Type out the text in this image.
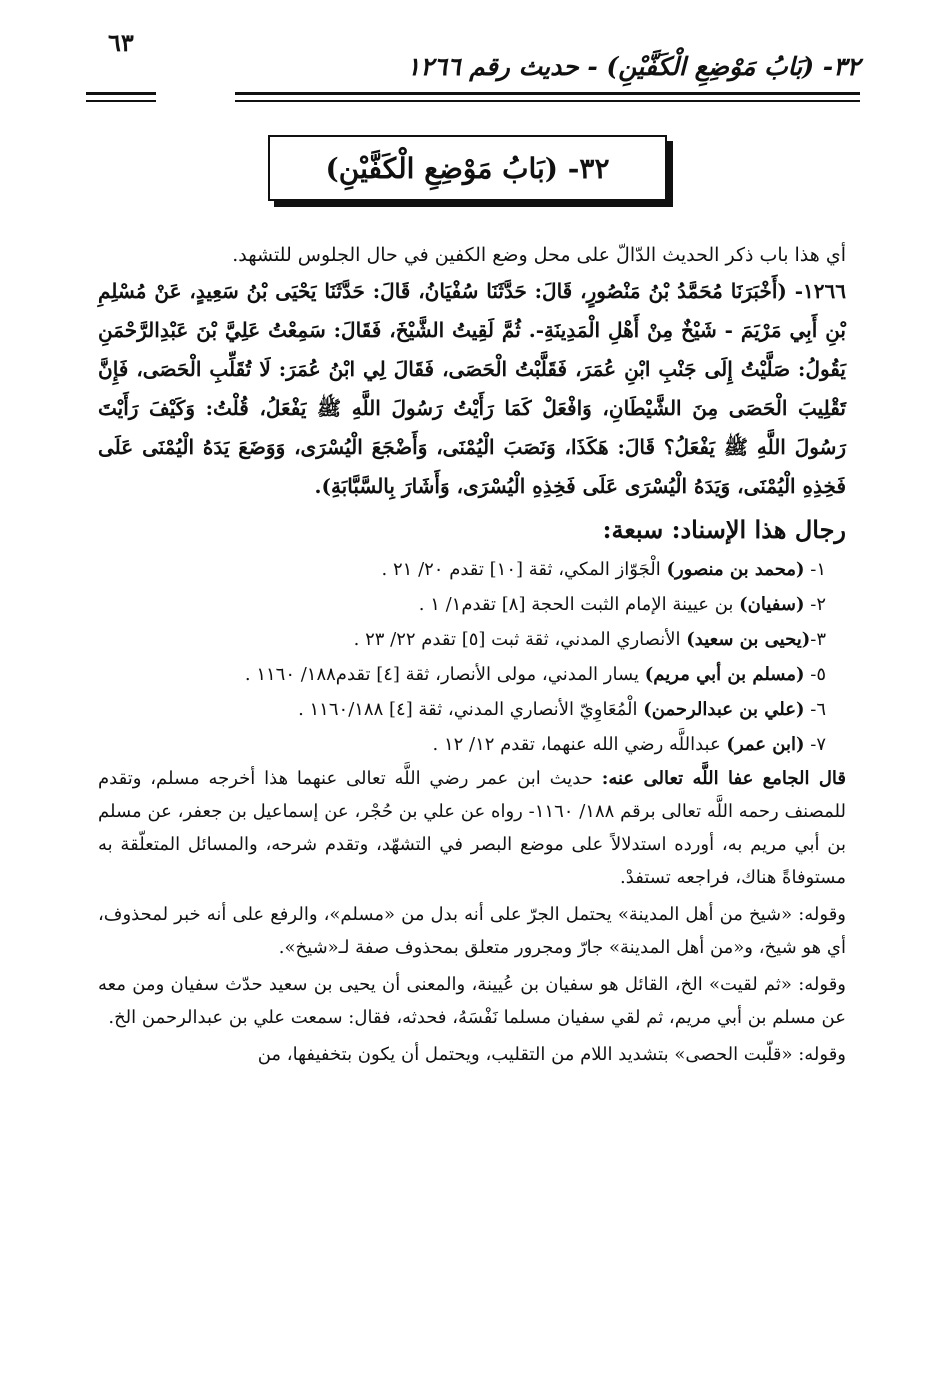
٣٢- (بَابُ مَوْضِعِ الْكَفَّيْنِ) - حديث رقم ١٢٦٦
٦٣
٣٢- (بَابُ مَوْضِعِ الْكَفَّيْنِ)

أي هذا باب ذكر الحديث الدّالّ على محل وضع الكفين في حال الجلوس للتشهد.

١٢٦٦- (أَخْبَرَنَا مُحَمَّدُ بْنُ مَنْصُورٍ، قَالَ: حَدَّثَنَا سُفْيَانُ، قَالَ: حَدَّثَنَا يَحْيَى بْنُ سَعِيدٍ، عَنْ مُسْلِمِ بْنِ أَبِي مَرْيَمَ - شَيْخٌ مِنْ أَهْلِ الْمَدِينَةِ-. ثُمَّ لَقِيتُ الشَّيْخَ، فَقَالَ: سَمِعْتُ عَلِيَّ بْنَ عَبْدِالرَّحْمَنِ يَقُولُ: صَلَّيْتُ إِلَى جَنْبِ ابْنِ عُمَرَ، فَقَلَّبْتُ الْحَصَى، فَقَالَ لِي ابْنُ عُمَرَ: لَا تُقَلِّبِ الْحَصَى، فَإِنَّ تَقْلِيبَ الْحَصَى مِنَ الشَّيْطَانِ، وَافْعَلْ كَمَا رَأَيْتُ رَسُولَ اللَّهِ ﷺ يَفْعَلُ، قُلْتُ: وَكَيْفَ رَأَيْتَ رَسُولَ اللَّهِ ﷺ يَفْعَلُ؟ قَالَ: هَكَذَا، وَنَصَبَ الْيُمْنَى، وَأَضْجَعَ الْيُسْرَى، وَوَضَعَ يَدَهُ الْيُمْنَى عَلَى فَخِذِهِ الْيُمْنَى، وَيَدَهُ الْيُسْرَى عَلَى فَخِذِهِ الْيُسْرَى، وَأَشَارَ بِالسَّبَّابَةِ).

رجال هذا الإسناد: سبعة:
١- (محمد بن منصور) الْجَوّاز المكي، ثقة [١٠] تقدم ٢٠/ ٢١ .
٢- (سفيان) بن عيينة الإمام الثبت الحجة [٨] تقدم١/ ١ .
٣-(يحيى بن سعيد) الأنصاري المدني، ثقة ثبت [٥] تقدم ٢٢/ ٢٣ .
٥- (مسلم بن أبي مريم) يسار المدني، مولى الأنصار، ثقة [٤] تقدم١٨٨/ ١١٦٠ .
٦- (علي بن عبدالرحمن) الْمُعَاوِيّ الأنصاري المدني، ثقة [٤] ١١٦٠/١٨٨ .
٧- (ابن عمر) عبداللَّه رضي الله عنهما، تقدم ١٢/ ١٢ .

قال الجامع عفا اللَّه تعالى عنه: حديث ابن عمر رضي اللَّه تعالى عنهما هذا أخرجه مسلم، وتقدم للمصنف رحمه اللَّه تعالى برقم ١٨٨/ ١١٦٠- رواه عن علي بن حُجْر، عن إسماعيل بن جعفر، عن مسلم بن أبي مريم به، أورده استدلالاً على موضع البصر في التشهّد، وتقدم شرحه، والمسائل المتعلّقة به مستوفاةً هناك، فراجعه تستفدْ.

وقوله: «شيخ من أهل المدينة» يحتمل الجرّ على أنه بدل من «مسلم»، والرفع على أنه خبر لمحذوف، أي هو شيخ، و«من أهل المدينة» جارّ ومجرور متعلق بمحذوف صفة لـ«شيخ».

وقوله: «ثم لقيت» الخ، القائل هو سفيان بن عُيينة، والمعنى أن يحيى بن سعيد حدّث سفيان ومن معه عن مسلم بن أبي مريم، ثم لقي سفيان مسلما نَفْسَهُ، فحدثه، فقال: سمعت علي بن عبدالرحمن الخ.

وقوله: «قلّبت الحصى» بتشديد اللام من التقليب، ويحتمل أن يكون بتخفيفها، من
